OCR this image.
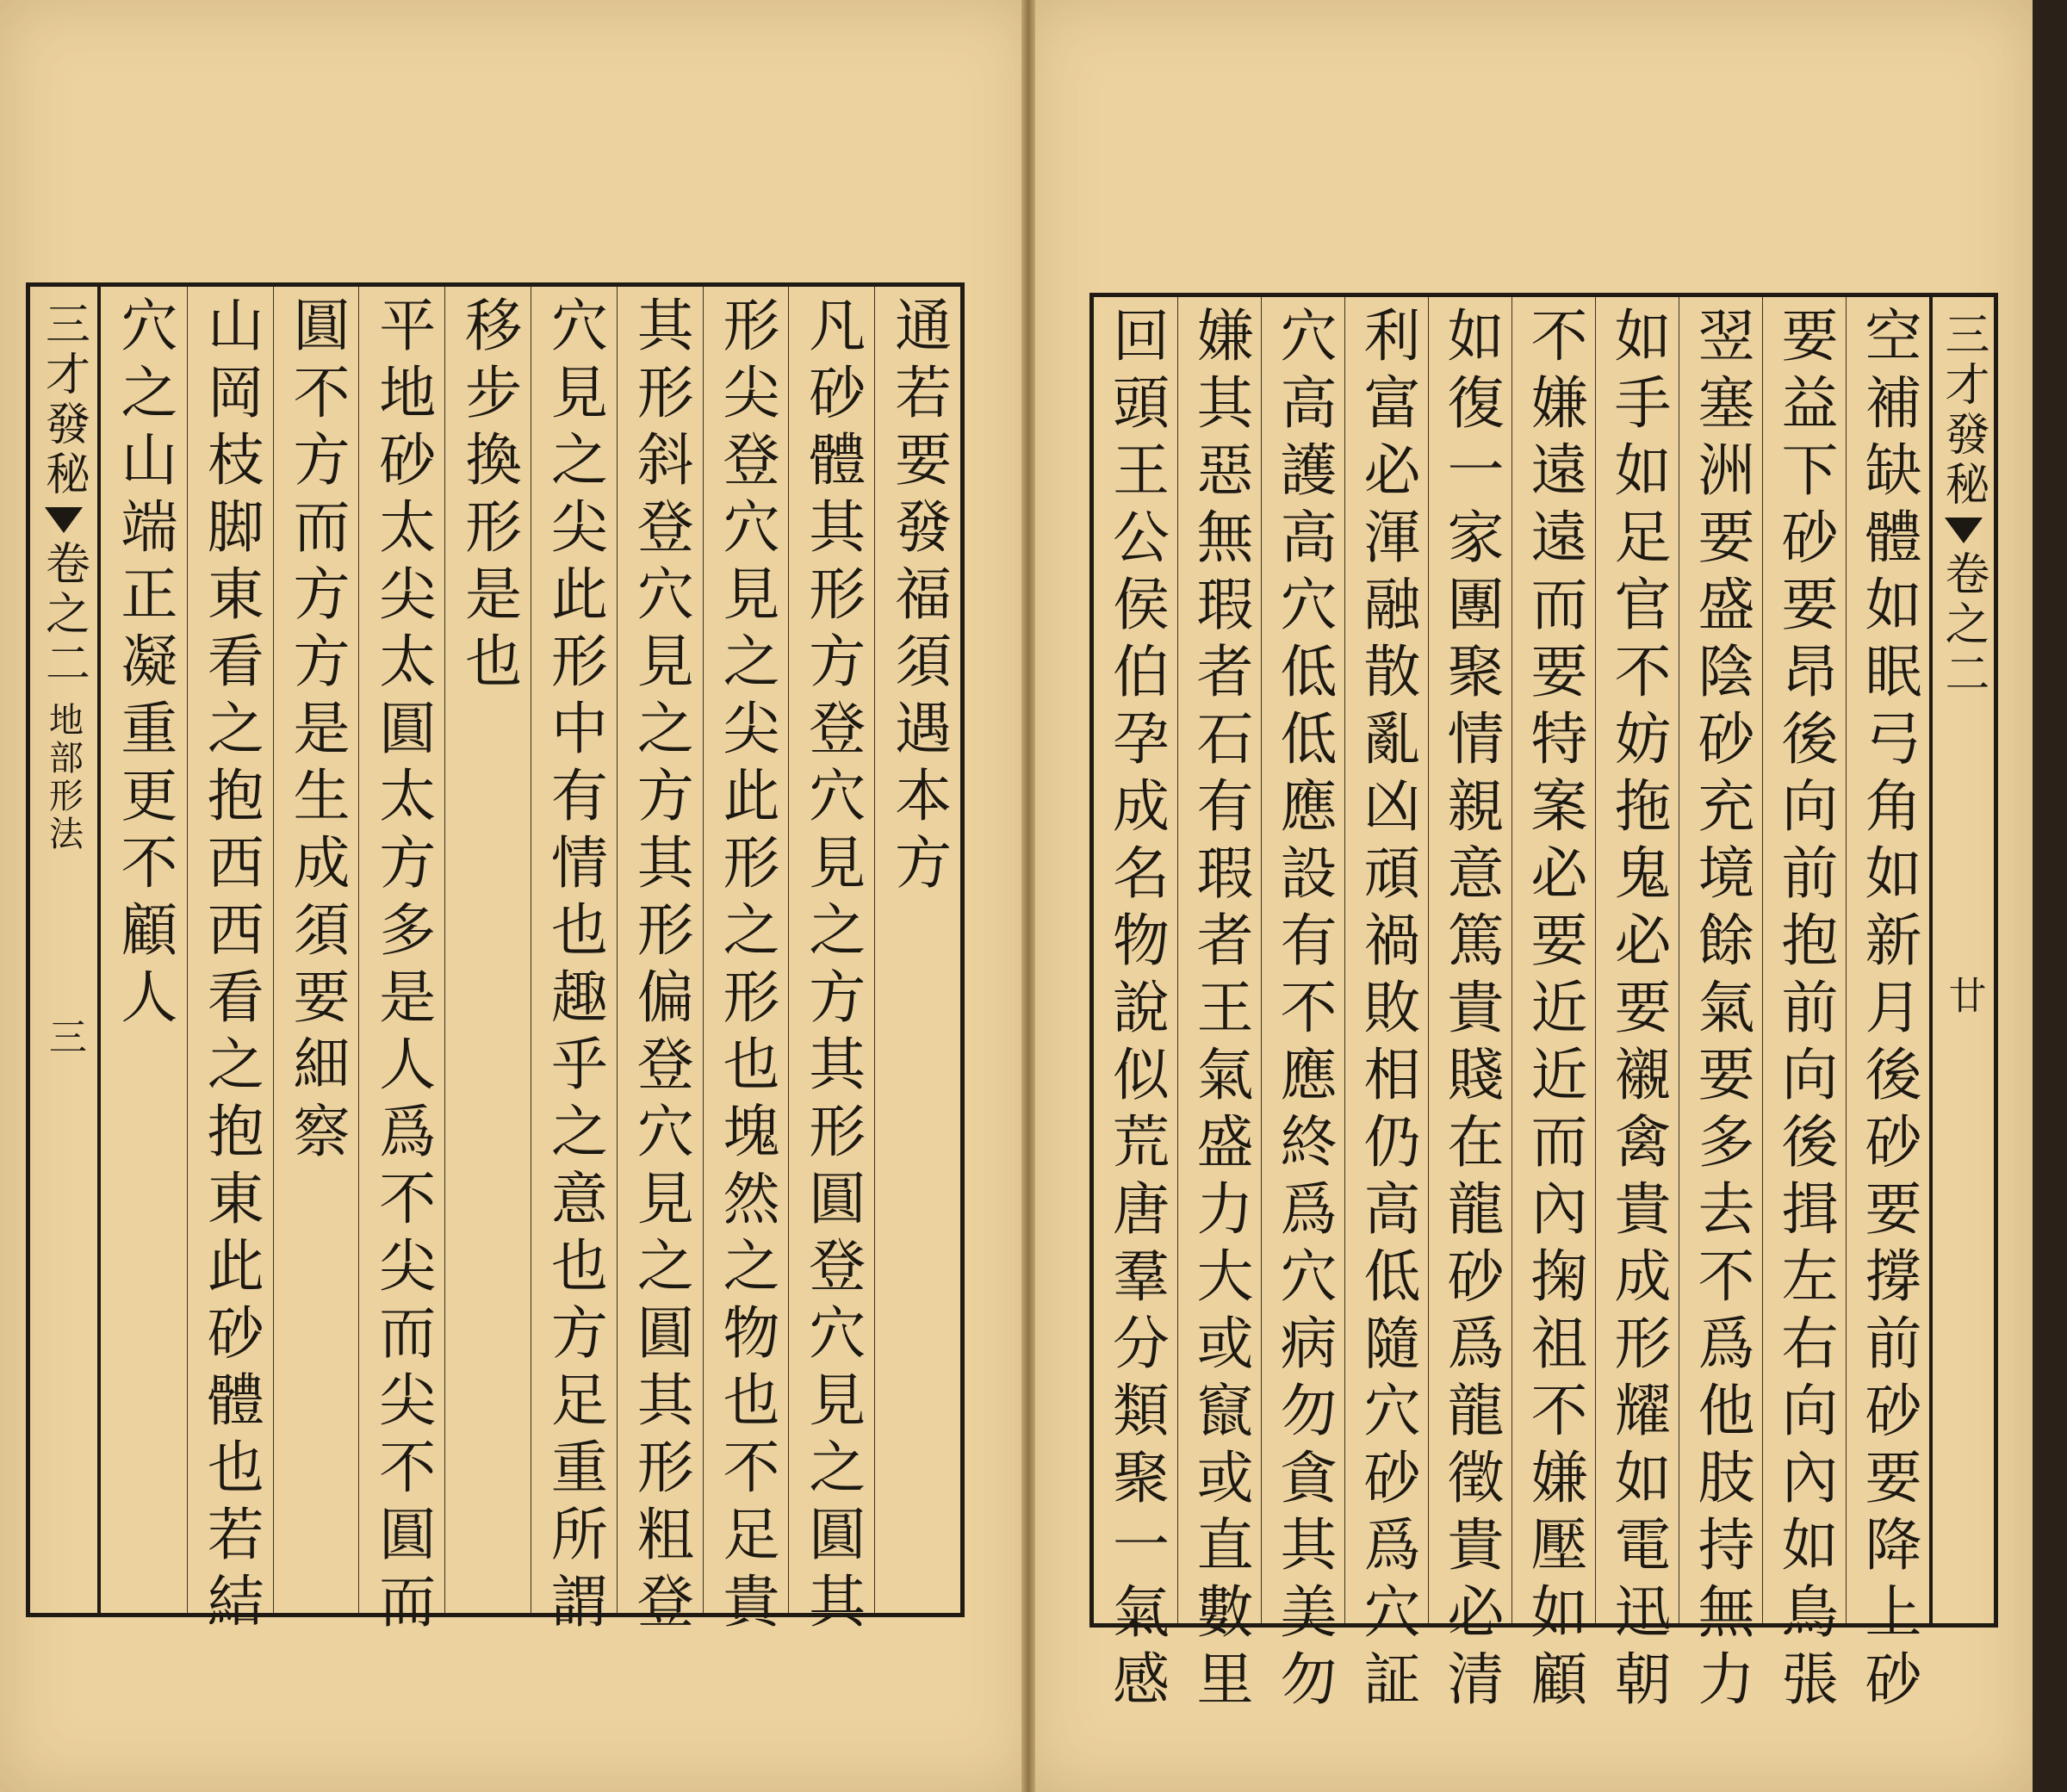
三才發秘
卷之二
地部形法
三
通若要發福須遇本方
凡砂體其形方登穴見之方其形圓登穴見之圓其
形尖登穴見之尖此形之形也塊然之物也不足貴
其形斜登穴見之方其形偏登穴見之圓其形粗登
穴見之尖此形中有情也趣乎之意也方足重所謂
移步換形是也
平地砂太尖太圓太方多是人爲不尖而尖不圓而
圓不方而方方是生成須要細察
山岡枝脚東看之抱西西看之抱東此砂體也若結
穴之山端正凝重更不顧人	空補缺體如眠弓角如新月後砂要撐前砂要降上砂
要益下砂要昂後向前抱前向後揖左右向內如鳥張
翌塞洲要盛陰砂充境餘氣要多去不爲他肢持無力
如手如足官不妨拖鬼必要襯禽貴成形耀如電迅朝
不嫌遠遠而要特案必要近近而內掬祖不嫌壓如顧
如復一家團聚情親意篤貴賤在龍砂爲龍徵貴必清
利富必渾融散亂凶頑禍敗相仍高低隨穴砂爲穴証
穴高護高穴低低應設有不應終爲穴病勿貪其美勿
嫌其惡無瑕者石有瑕者王氣盛力大或竄或直數里
回頭王公侯伯孕成名物說似荒唐羣分類聚一氣感	三才發秘
卷之二
廿
